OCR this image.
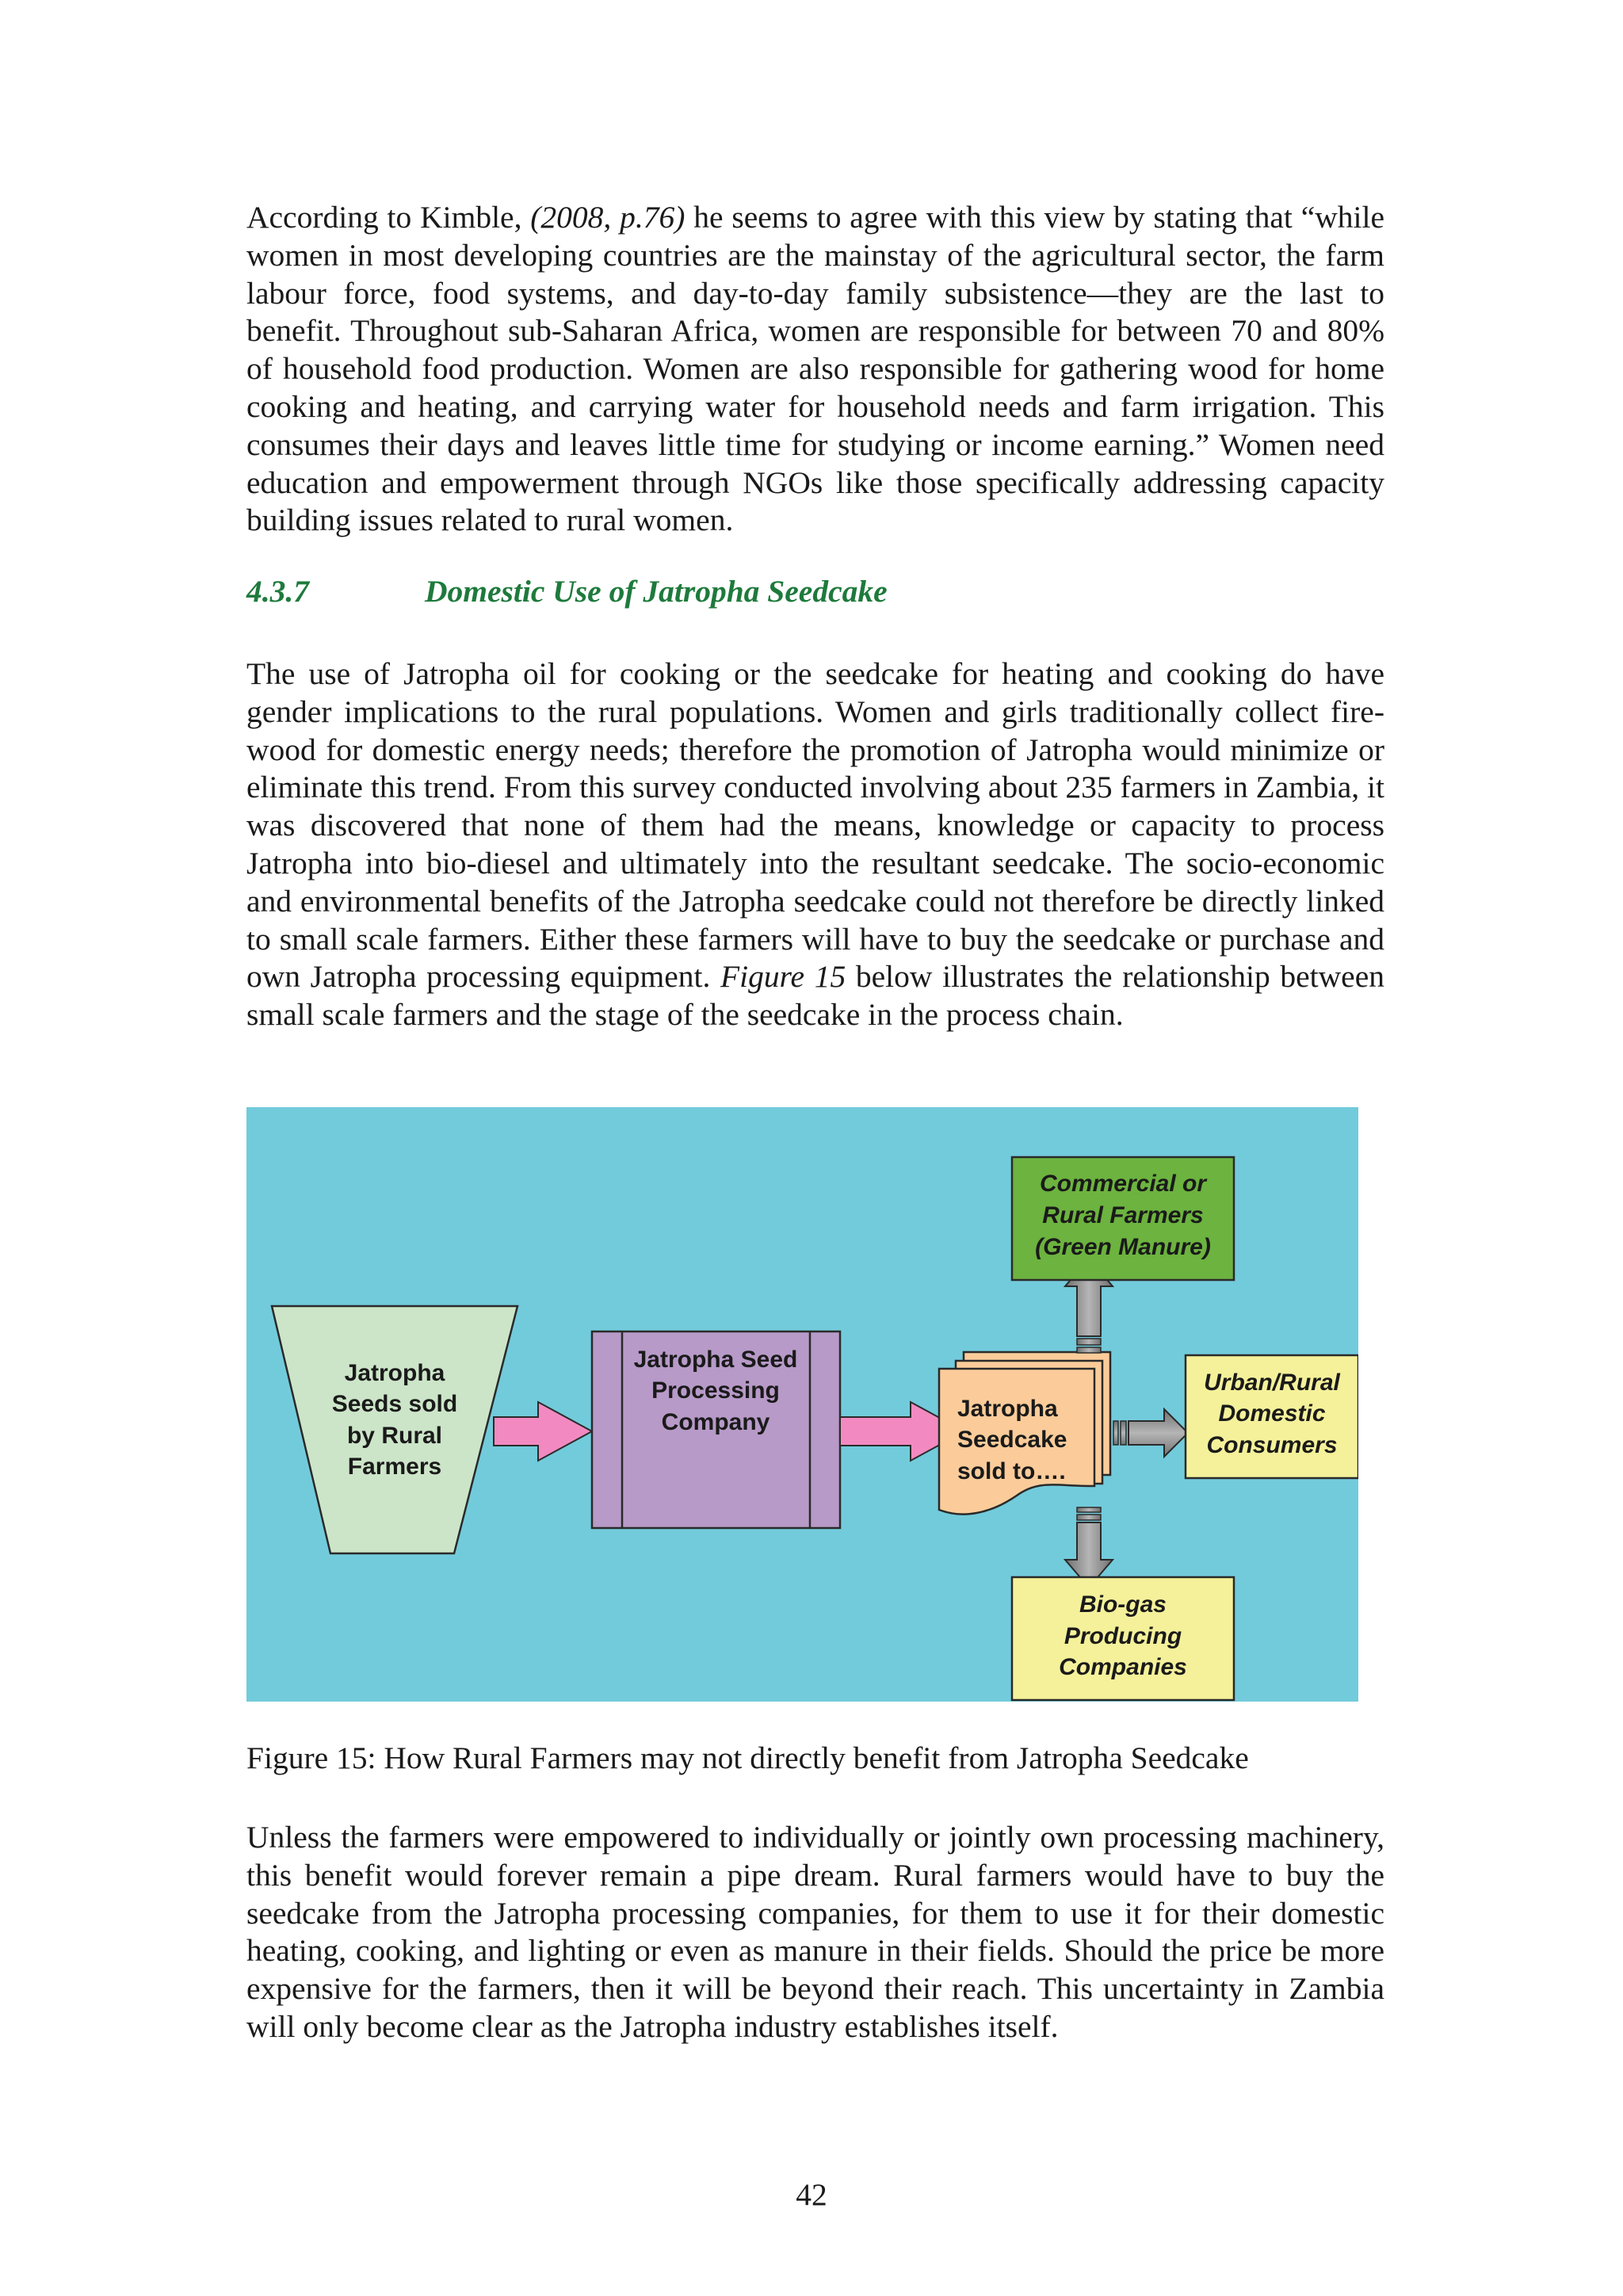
According to Kimble, (2008, p.76) he seems to agree with this view by stating that “while women in most developing countries are the mainstay of the agricultural sector, the farm labour force, food systems, and day-to-day family subsistence—they are the last to benefit. Throughout sub-Saharan Africa, women are responsible for between 70 and 80% of household food production. Women are also responsible for gathering wood for home cooking and heating, and carrying water for household needs and farm irrigation. This consumes their days and leaves little time for studying or income earning.” Women need education and empowerment through NGOs like those specifically addressing capacity building issues related to rural women.

4.3.7	Domestic Use of Jatropha Seedcake

The use of Jatropha oil for cooking or the seedcake for heating and cooking do have gender implications to the rural populations. Women and girls traditionally collect fire-wood for domestic energy needs; therefore the promotion of Jatropha would minimize or eliminate this trend. From this survey conducted involving about 235 farmers in Zambia, it was discovered that none of them had the means, knowledge or capacity to process Jatropha into bio-diesel and ultimately into the resultant seedcake. The socio-economic and environmental benefits of the Jatropha seedcake could not therefore be directly linked to small scale farmers. Either these farmers will have to buy the seedcake or purchase and own Jatropha processing equipment. Figure 15 below illustrates the relationship between small scale farmers and the stage of the seedcake in the process chain.

Jatropha
Seeds sold
by Rural
Farmers
Jatropha Seed
Processing
Company
Jatropha
Seedcake
sold to….
Commercial or
Rural Farmers
(Green Manure)
Urban/Rural
Domestic
Consumers
Bio-gas
Producing
Companies

Figure 15: How Rural Farmers may not directly benefit from Jatropha Seedcake

Unless the farmers were empowered to individually or jointly own processing machinery, this benefit would forever remain a pipe dream. Rural farmers would have to buy the seedcake from the Jatropha processing companies, for them to use it for their domestic heating, cooking, and lighting or even as manure in their fields. Should the price be more expensive for the farmers, then it will be beyond their reach. This uncertainty in Zambia will only become clear as the Jatropha industry establishes itself.

42
